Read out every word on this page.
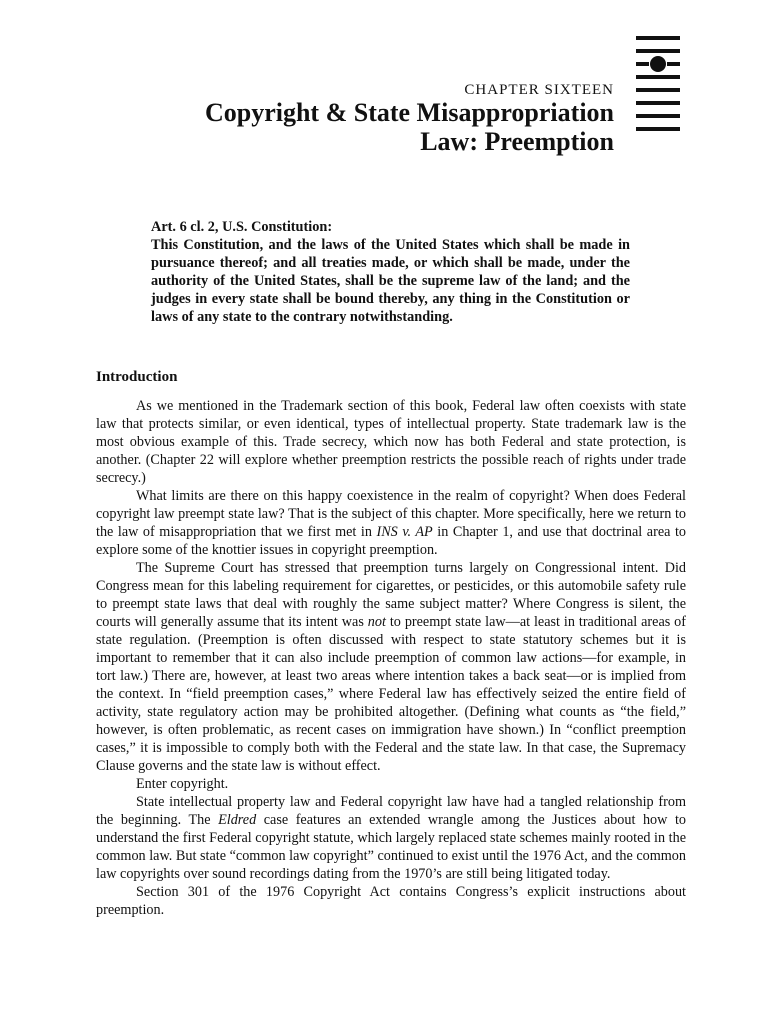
CHAPTER SIXTEEN
Copyright & State Misappropriation
Law: Preemption
Art. 6 cl. 2, U.S. Constitution:
This Constitution, and the laws of the United States which shall be made in pursuance thereof; and all treaties made, or which shall be made, under the authority of the United States, shall be the supreme law of the land; and the judges in every state shall be bound thereby, any thing in the Constitution or laws of any state to the contrary notwithstanding.
Introduction

As we mentioned in the Trademark section of this book, Federal law often coexists with state law that protects similar, or even identical, types of intellectual property. State trademark law is the most obvious example of this. Trade secrecy, which now has both Federal and state protection, is another. (Chapter 22 will explore whether preemption restricts the possible reach of rights under trade secrecy.)

What limits are there on this happy coexistence in the realm of copyright? When does Federal copyright law preempt state law? That is the subject of this chapter. More specifically, here we return to the law of misappropriation that we first met in INS v. AP in Chapter 1, and use that doctrinal area to explore some of the knottier issues in copyright preemption.

The Supreme Court has stressed that preemption turns largely on Congressional intent. Did Congress mean for this labeling requirement for cigarettes, or pesticides, or this automobile safety rule to preempt state laws that deal with roughly the same subject matter? Where Congress is silent, the courts will generally assume that its intent was not to preempt state law—at least in traditional areas of state regulation. (Preemption is often discussed with respect to state statutory schemes but it is important to remember that it can also include preemption of common law actions—for example, in tort law.) There are, however, at least two areas where intention takes a back seat—or is implied from the context. In “field preemption cases,” where Federal law has effectively seized the entire field of activity, state regulatory action may be prohibited altogether. (Defining what counts as “the field,” however, is often problematic, as recent cases on immigration have shown.) In “conflict preemption cases,” it is impossible to comply both with the Federal and the state law. In that case, the Supremacy Clause governs and the state law is without effect.

Enter copyright.

State intellectual property law and Federal copyright law have had a tangled relationship from the beginning. The Eldred case features an extended wrangle among the Justices about how to understand the first Federal copyright statute, which largely replaced state schemes mainly rooted in the common law. But state “common law copyright” continued to exist until the 1976 Act, and the common law copyrights over sound recordings dating from the 1970’s are still being litigated today.

Section 301 of the 1976 Copyright Act contains Congress’s explicit instructions about preemption.
